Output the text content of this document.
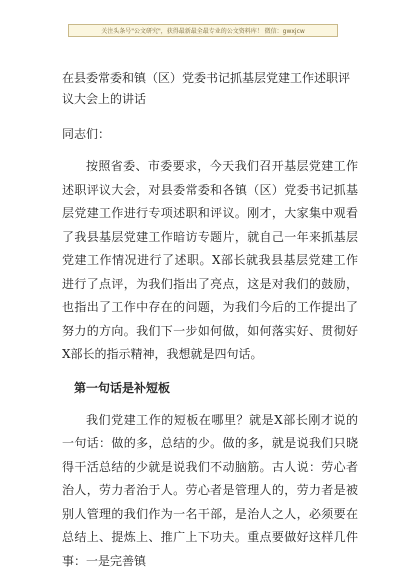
关注头条号"公文研究"，获得最新最全最专业的公文资料库！ 微信：gwxjcw

在县委常委和镇（区）党委书记抓基层党建工作述职评议大会上的讲话

同志们：

按照省委、市委要求，今天我们召开基层党建工作述职评议大会，对县委常委和各镇（区）党委书记抓基层党建工作进行专项述职和评议。刚才，大家集中观看了我县基层党建工作暗访专题片，就自己一年来抓基层党建工作情况进行了述职。X部长就我县基层党建工作进行了点评，为我们指出了亮点，这是对我们的鼓励，也指出了工作中存在的问题，为我们今后的工作提出了努力的方向。我们下一步如何做，如何落实好、贯彻好X部长的指示精神，我想就是四句话。

第一句话是补短板

我们党建工作的短板在哪里？就是X部长刚才说的一句话：做的多，总结的少。做的多，就是说我们只晓得干活总结的少就是说我们不动脑筋。古人说：劳心者治人，劳力者治于人。劳心者是管理人的，劳力者是被别人管理的我们作为一名干部，是治人之人，必须要在总结上、提炼上、推广上下功夫。重点要做好这样几件事：一是完善镇
